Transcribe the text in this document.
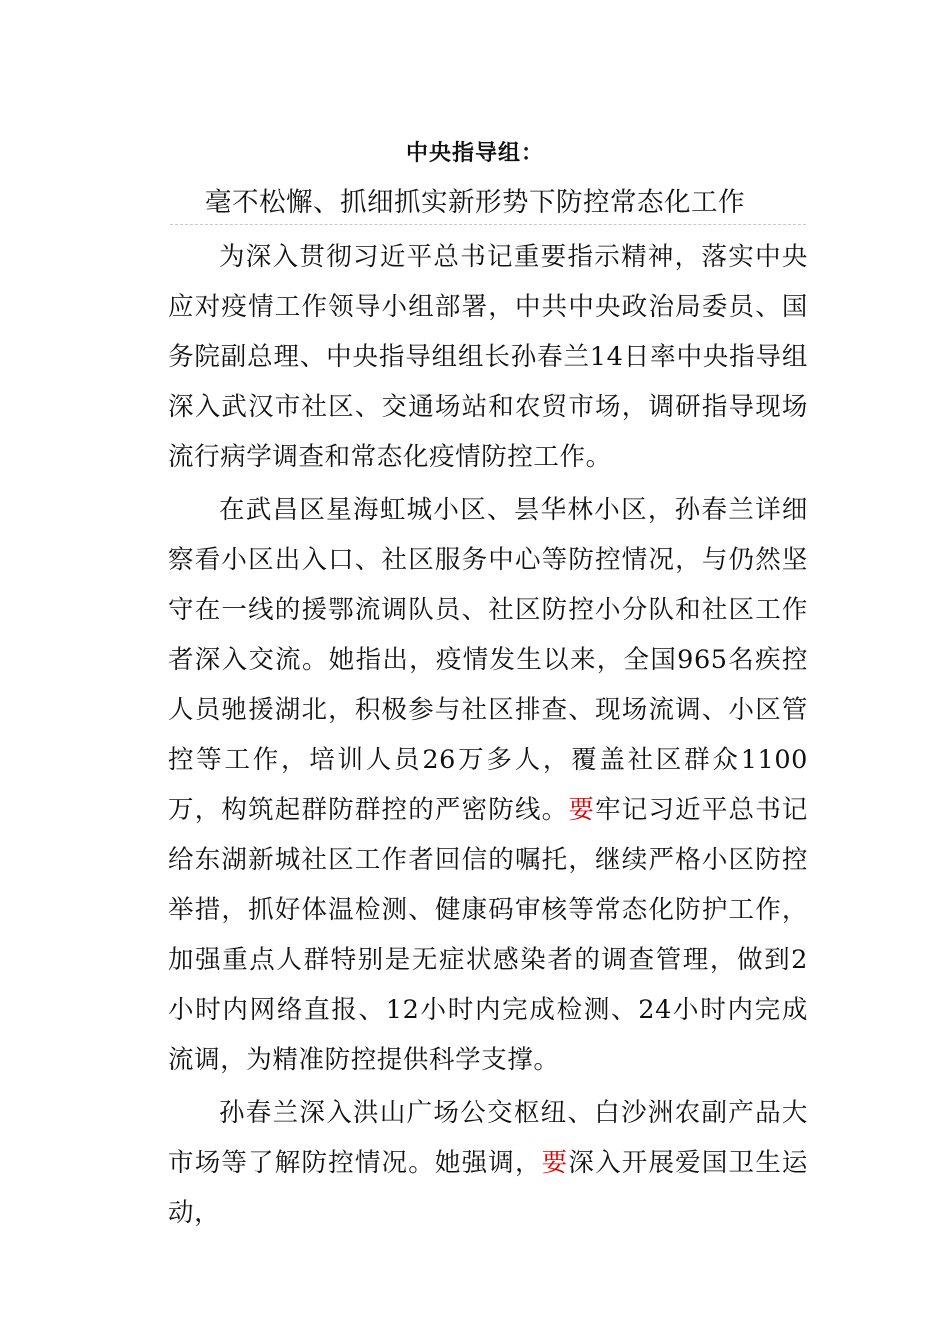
中央指导组：
毫不松懈、抓细抓实新形势下防控常态化工作

为深入贯彻习近平总书记重要指示精神，落实中央应对疫情工作领导小组部署，中共中央政治局委员、国务院副总理、中央指导组组长孙春兰14日率中央指导组深入武汉市社区、交通场站和农贸市场，调研指导现场流行病学调查和常态化疫情防控工作。

在武昌区星海虹城小区、昙华林小区，孙春兰详细察看小区出入口、社区服务中心等防控情况，与仍然坚守在一线的援鄂流调队员、社区防控小分队和社区工作者深入交流。她指出，疫情发生以来，全国965名疾控人员驰援湖北，积极参与社区排查、现场流调、小区管控等工作，培训人员26万多人，覆盖社区群众1100万，构筑起群防群控的严密防线。要牢记习近平总书记给东湖新城社区工作者回信的嘱托，继续严格小区防控举措，抓好体温检测、健康码审核等常态化防护工作，加强重点人群特别是无症状感染者的调查管理，做到2小时内网络直报、12小时内完成检测、24小时内完成流调，为精准防控提供科学支撑。

孙春兰深入洪山广场公交枢纽、白沙洲农副产品大市场等了解防控情况。她强调，要深入开展爱国卫生运动，
